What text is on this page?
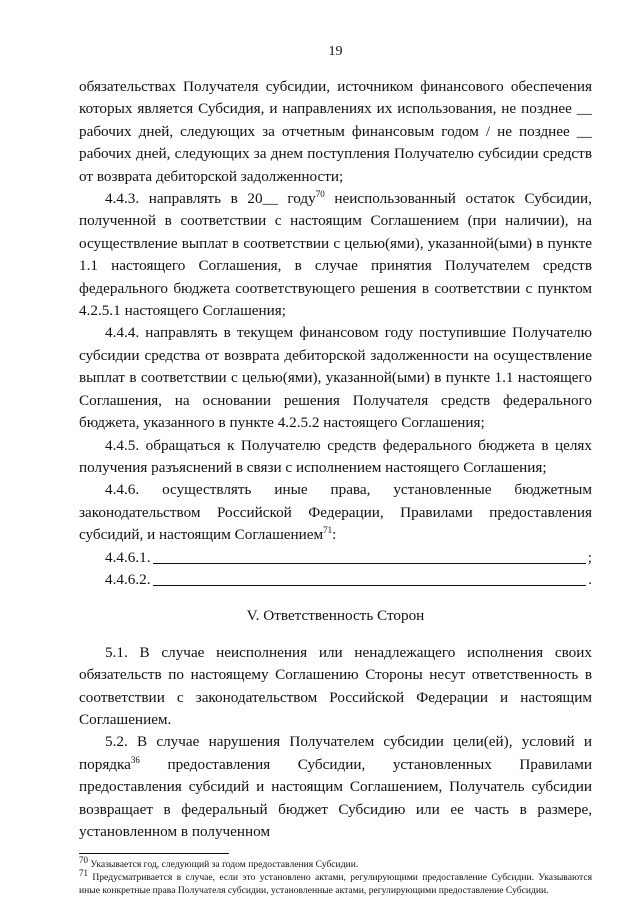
19

обязательствах Получателя субсидии, источником финансового обеспечения которых является Субсидия, и направлениях их использования, не позднее __ рабочих дней, следующих за отчетным финансовым годом / не позднее __ рабочих дней, следующих за днем поступления Получателю субсидии средств от возврата дебиторской задолженности;

4.4.3. направлять в 20__ году$^{70}$ неиспользованный остаток Субсидии, полученной в соответствии с настоящим Соглашением (при наличии), на осуществление выплат в соответствии с целью(ями), указанной(ыми) в пункте 1.1 настоящего Соглашения, в случае принятия Получателем средств федерального бюджета соответствующего решения в соответствии с пунктом 4.2.5.1 настоящего Соглашения;

4.4.4. направлять в текущем финансовом году поступившие Получателю субсидии средства от возврата дебиторской задолженности на осуществление выплат в соответствии с целью(ями), указанной(ыми) в пункте 1.1 настоящего Соглашения, на основании решения Получателя средств федерального бюджета, указанного в пункте 4.2.5.2 настоящего Соглашения;

4.4.5. обращаться к Получателю средств федерального бюджета в целях получения разъяснений в связи с исполнением настоящего Соглашения;

4.4.6. осуществлять иные права, установленные бюджетным законодательством Российской Федерации, Правилами предоставления субсидий, и настоящим Соглашением$^{71}$:

4.4.6.1.	;
4.4.6.2.	.
V. Ответственность Сторон

5.1. В случае неисполнения или ненадлежащего исполнения своих обязательств по настоящему Соглашению Стороны несут ответственность в соответствии с законодательством Российской Федерации и настоящим Соглашением.

5.2. В случае нарушения Получателем субсидии цели(ей), условий и порядка$^{36}$ предоставления Субсидии, установленных Правилами предоставления субсидий и настоящим Соглашением, Получатель субсидии возвращает в федеральный бюджет Субсидию или ее часть в размере, установленном в полученном

$^{70}$ Указывается год, следующий за годом предоставления Субсидии.

$^{71}$ Предусматривается в случае, если это установлено актами, регулирующими предоставление Субсидии. Указываются иные конкретные права Получателя субсидии, установленные актами, регулирующими предоставление Субсидии.
